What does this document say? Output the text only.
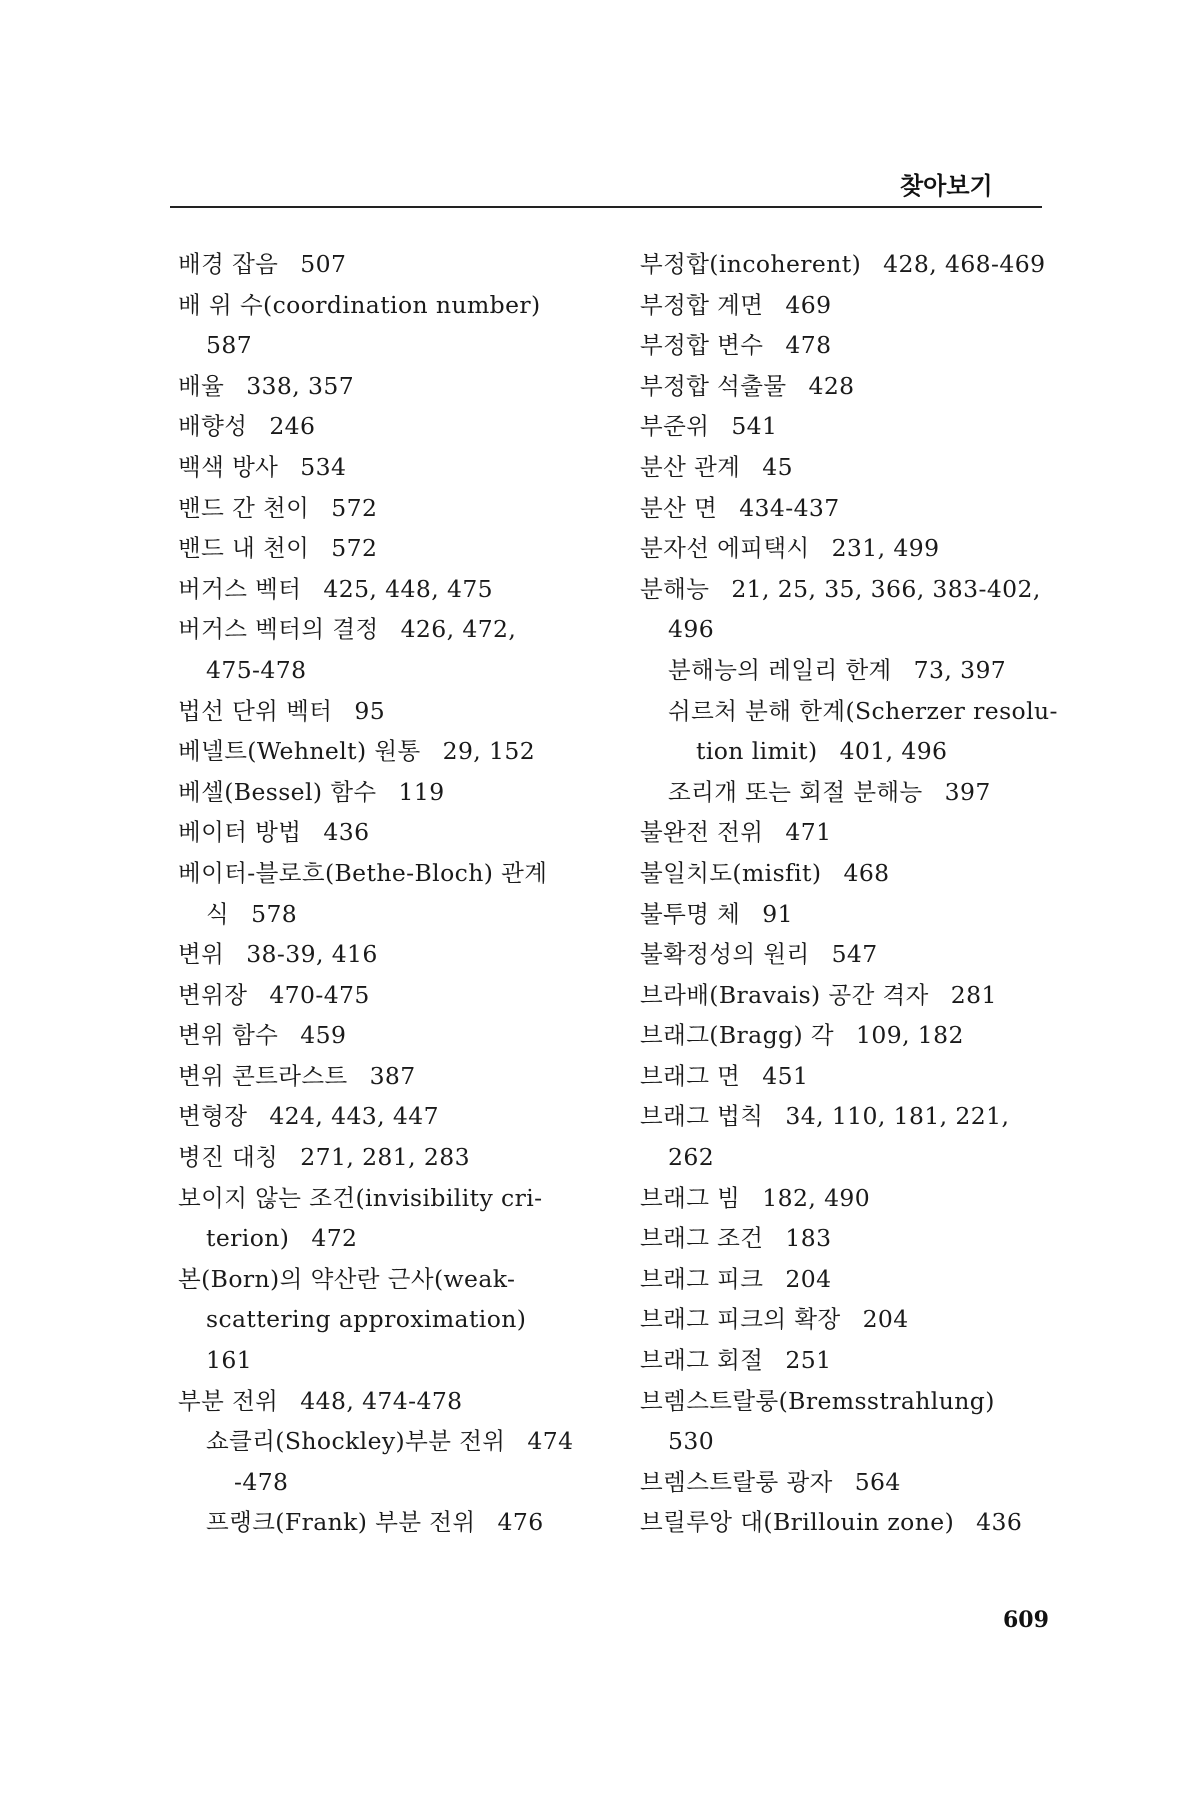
찾아보기
배경 잡음 507
배 위 수(coordination number)
587
배율 338, 357
배향성 246
백색 방사 534
밴드 간 천이 572
밴드 내 천이 572
버거스 벡터 425, 448, 475
버거스 벡터의 결정 426, 472,
475-478
법선 단위 벡터 95
베넬트(Wehnelt) 원통 29, 152
베셀(Bessel) 함수 119
베이터 방법 436
베이터-블로흐(Bethe-Bloch) 관계
식 578
변위 38-39, 416
변위장 470-475
변위 함수 459
변위 콘트라스트 387
변형장 424, 443, 447
병진 대칭 271, 281, 283
보이지 않는 조건(invisibility cri-
terion) 472
본(Born)의 약산란 근사(weak-
scattering approximation)
161
부분 전위 448, 474-478
쇼클리(Shockley)부분 전위 474
-478
프랭크(Frank) 부분 전위 476
부정합(incoherent) 428, 468-469
부정합 계면 469
부정합 변수 478
부정합 석출물 428
부준위 541
분산 관계 45
분산 면 434-437
분자선 에피택시 231, 499
분해능 21, 25, 35, 366, 383-402,
496
분해능의 레일리 한계 73, 397
쉬르처 분해 한계(Scherzer resolu-
tion limit) 401, 496
조리개 또는 회절 분해능 397
불완전 전위 471
불일치도(misfit) 468
불투명 체 91
불확정성의 원리 547
브라배(Bravais) 공간 격자 281
브래그(Bragg) 각 109, 182
브래그 면 451
브래그 법칙 34, 110, 181, 221,
262
브래그 빔 182, 490
브래그 조건 183
브래그 피크 204
브래그 피크의 확장 204
브래그 회절 251
브렘스트랄룽(Bremsstrahlung)
530
브렘스트랄룽 광자 564
브릴루앙 대(Brillouin zone) 436
609
